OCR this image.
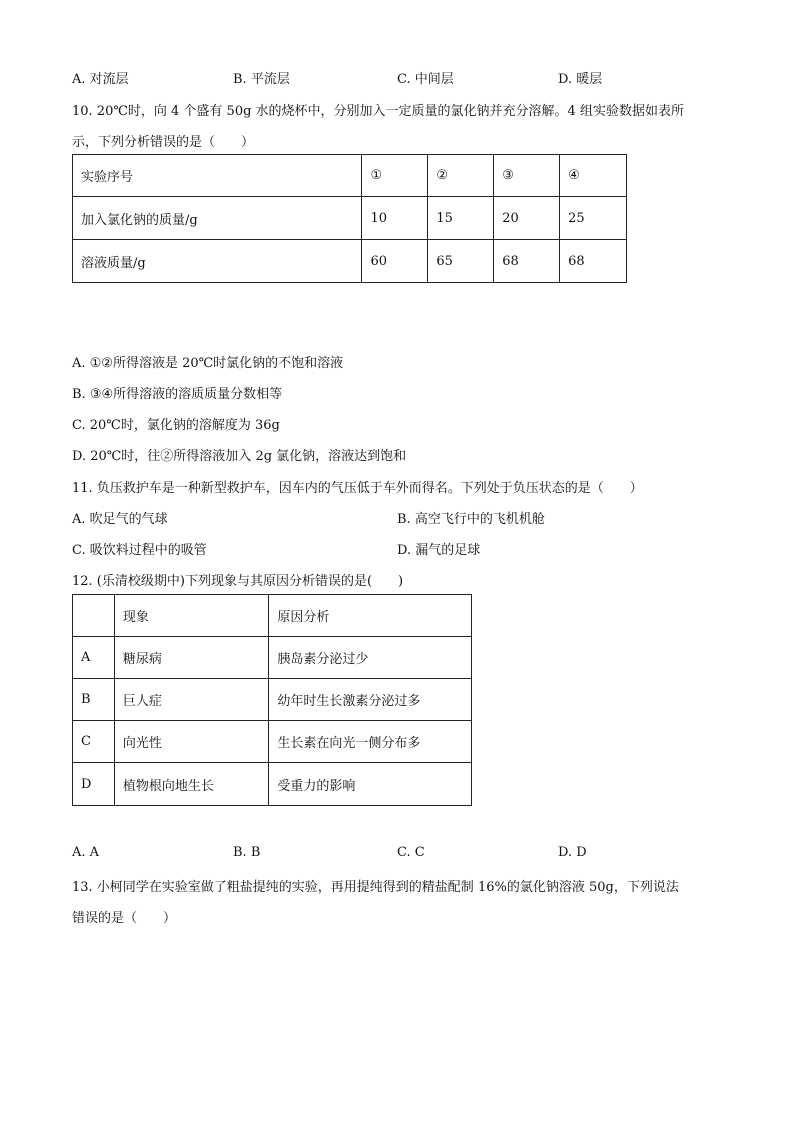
A. 对流层	B. 平流层	C. 中间层	D. 暖层
10. 20℃时，向 4 个盛有 50g 水的烧杯中，分别加入一定质量的氯化钠并充分溶解。4 组实验数据如表所
示，下列分析错误的是（　　）
实验序号	①	②	③	④
加入氯化钠的质量/g	10	15	20	25
溶液质量/g	60	65	68	68
A. ①②所得溶液是 20℃时氯化钠的不饱和溶液
B. ③④所得溶液的溶质质量分数相等
C. 20℃时，氯化钠的溶解度为 36g
D. 20℃时，往②所得溶液加入 2g 氯化钠，溶液达到饱和
11. 负压救护车是一种新型救护车，因车内的气压低于车外而得名。下列处于负压状态的是（　　）
A. 吹足气的气球	B. 高空飞行中的飞机机舱
C. 吸饮料过程中的吸管	D. 漏气的足球
12. (乐清校级期中)下列现象与其原因分析错误的是(　　)
	现象	原因分析
A	糖尿病	胰岛素分泌过少
B	巨人症	幼年时生长激素分泌过多
C	向光性	生长素在向光一侧分布多
D	植物根向地生长	受重力的影响
A. A	B. B	C. C	D. D
13. 小柯同学在实验室做了粗盐提纯的实验，再用提纯得到的精盐配制 16%的氯化钠溶液 50g，下列说法
错误的是（　　）
